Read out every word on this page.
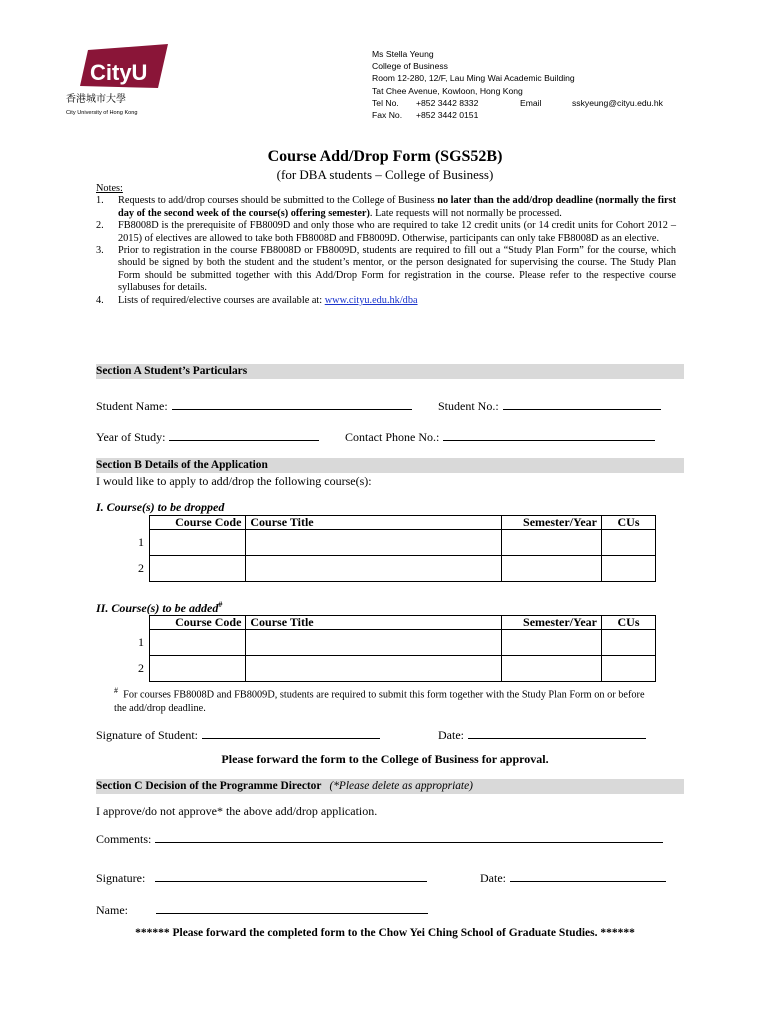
CityU
香港城市大學
City University of Hong Kong
Ms Stella Yeung
College of Business
Room 12-280, 12/F, Lau Ming Wai Academic Building
Tat Chee Avenue, Kowloon, Hong Kong
Tel No. +852 3442 8332	Email	sskyeung@cityu.edu.hk
Fax No. +852 3442 0151
Course Add/Drop Form (SGS52B)
(for DBA students – College of Business)
Notes:
1. Requests to add/drop courses should be submitted to the College of Business no later than the add/drop deadline (normally the first day of the second week of the course(s) offering semester). Late requests will not normally be processed.
2. FB8008D is the prerequisite of FB8009D and only those who are required to take 12 credit units (or 14 credit units for Cohort 2012 – 2015) of electives are allowed to take both FB8008D and FB8009D. Otherwise, participants can only take FB8008D as an elective.
3. Prior to registration in the course FB8008D or FB8009D, students are required to fill out a “Study Plan Form” for the course, which should be signed by both the student and the student’s mentor, or the person designated for supervising the course. The Study Plan Form should be submitted together with this Add/Drop Form for registration in the course. Please refer to the respective course syllabuses for details.
4. Lists of required/elective courses are available at: www.cityu.edu.hk/dba
Section A Student’s Particulars
Student Name:	Student No.:
Year of Study:	Contact Phone No.:
Section B Details of the Application
I would like to apply to add/drop the following course(s):
I. Course(s) to be dropped
	Course Code	Course Title	Semester/Year	CUs
1				
2				
II. Course(s) to be added#
	Course Code	Course Title	Semester/Year	CUs
1				
2				
# For courses FB8008D and FB8009D, students are required to submit this form together with the Study Plan Form on or before the add/drop deadline.
Signature of Student:	Date:
Please forward the form to the College of Business for approval.
Section C Decision of the Programme Director (*Please delete as appropriate)
I approve/do not approve* the above add/drop application.
Comments:
Signature:	Date:
Name:
****** Please forward the completed form to the Chow Yei Ching School of Graduate Studies. ******
